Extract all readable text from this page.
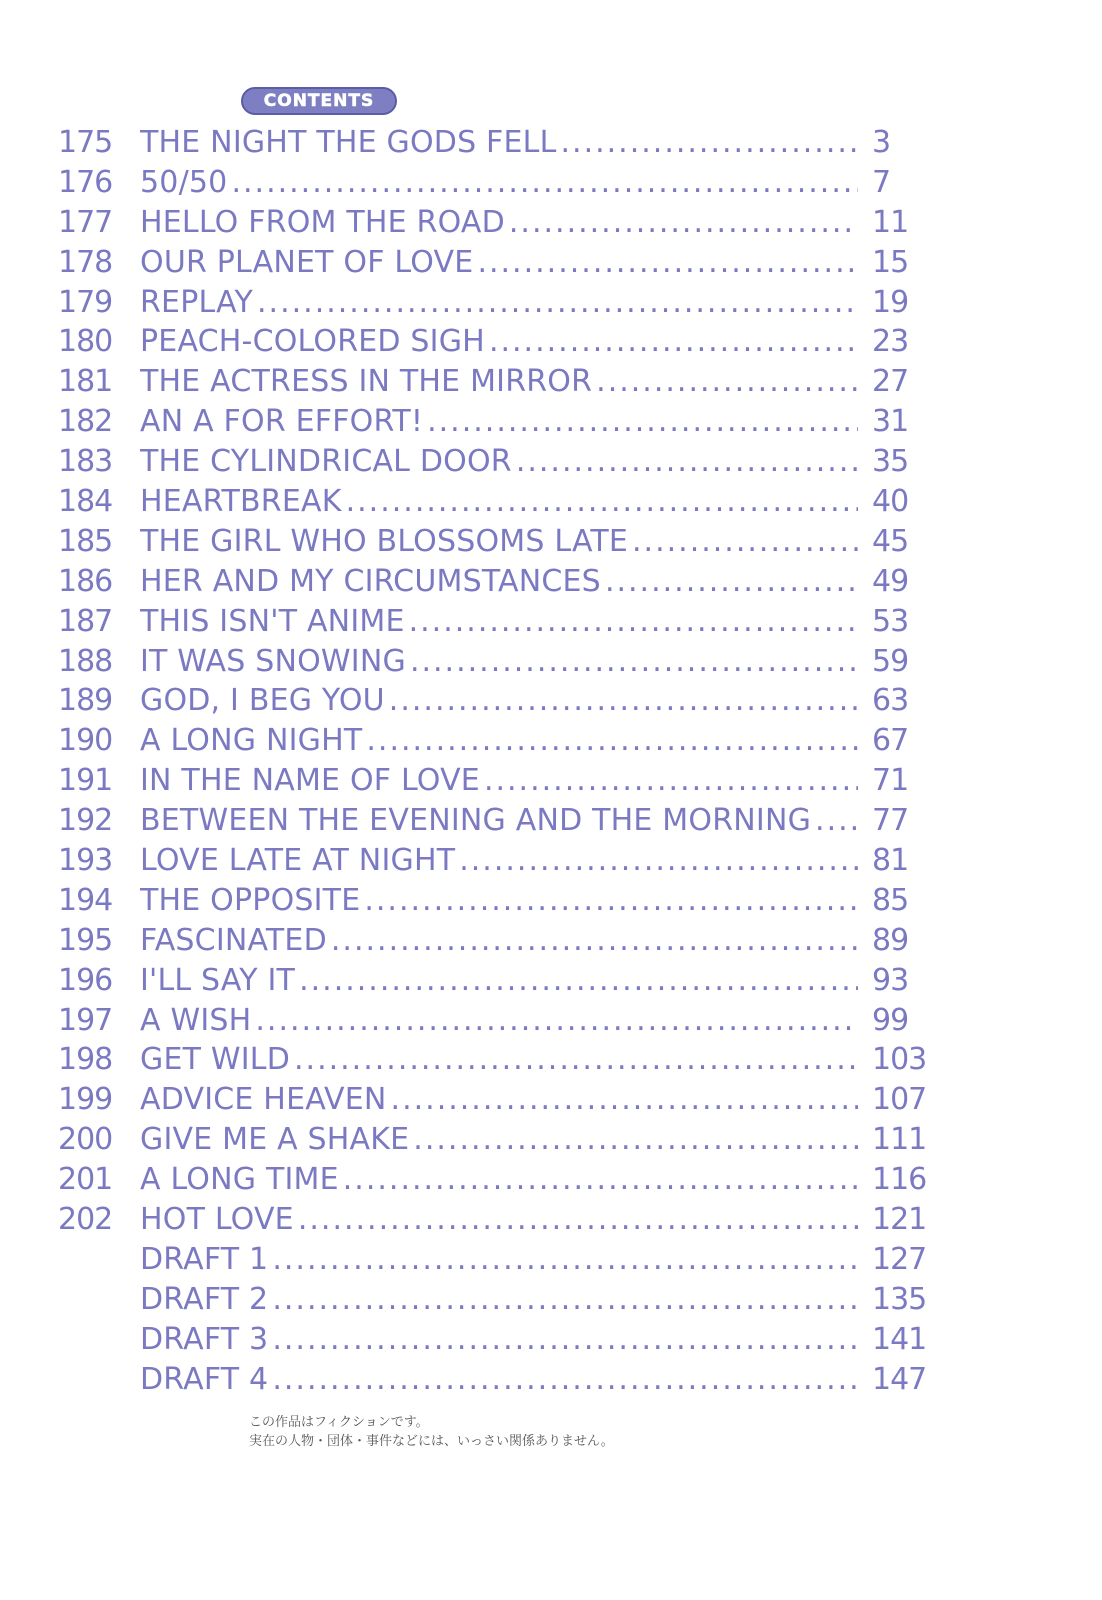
CONTENTS
175 THE NIGHT THE GODS FELL .....	3
176 50/50 .....	7
177 HELLO FROM THE ROAD .....	11
178 OUR PLANET OF LOVE .....	15
179 REPLAY .....	19
180 PEACH-COLORED SIGH .....	23
181 THE ACTRESS IN THE MIRROR .....	27
182 AN A FOR EFFORT! .....	31
183 THE CYLINDRICAL DOOR .....	35
184 HEARTBREAK .....	40
185 THE GIRL WHO BLOSSOMS LATE .....	45
186 HER AND MY CIRCUMSTANCES .....	49
187 THIS ISN'T ANIME .....	53
188 IT WAS SNOWING .....	59
189 GOD, I BEG YOU .....	63
190 A LONG NIGHT .....	67
191 IN THE NAME OF LOVE .....	71
192 BETWEEN THE EVENING AND THE MORNING ..... 77
193 LOVE LATE AT NIGHT .....	81
194 THE OPPOSITE .....	85
195 FASCINATED .....	89
196 I'LL SAY IT .....	93
197 A WISH .....	99
198 GET WILD .....	103
199 ADVICE HEAVEN .....	107
200 GIVE ME A SHAKE .....	111
201 A LONG TIME .....	116
202 HOT LOVE .....	121
DRAFT 1 .....	127
DRAFT 2 .....	135
DRAFT 3 .....	141
DRAFT 4 .....	147
この作品はフィクションです。
実在の人物・団体・事件などには、いっさい関係ありません。
